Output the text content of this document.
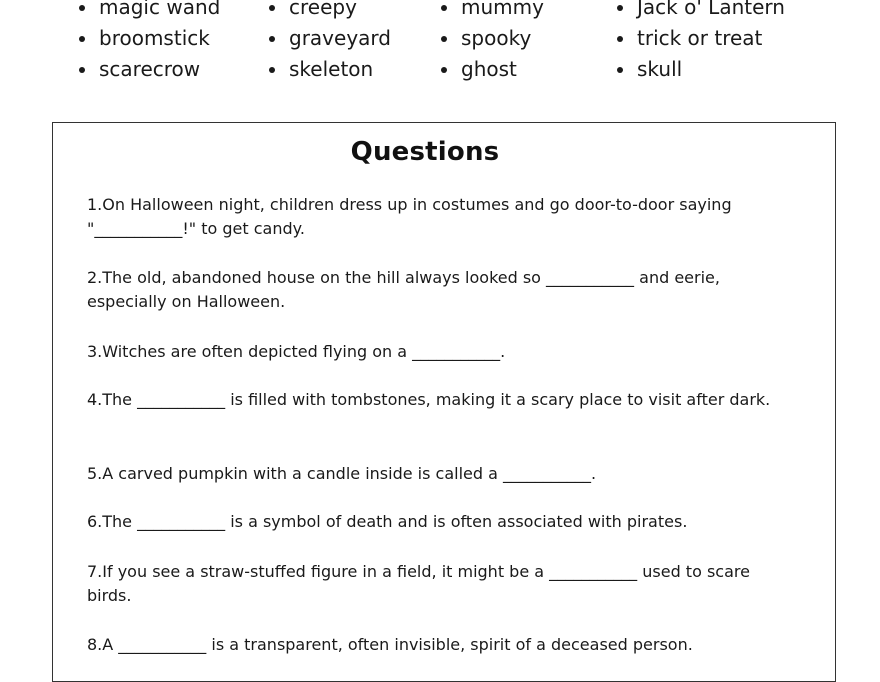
magic wand
broomstick
scarecrow
creepy
graveyard
skeleton
mummy
spooky
ghost
Jack o' Lantern
trick or treat
skull
Questions

1.On Halloween night, children dress up in costumes and go door-to-door saying "___________!" to get candy.

2.The old, abandoned house on the hill always looked so ___________ and eerie, especially on Halloween.

3.Witches are often depicted flying on a ___________.

4.The ___________ is filled with tombstones, making it a scary place to visit after dark.

5.A carved pumpkin with a candle inside is called a ___________.

6.The ___________ is a symbol of death and is often associated with pirates.

7.If you see a straw-stuffed figure in a field, it might be a ___________ used to scare birds.

8.A ___________ is a transparent, often invisible, spirit of a deceased person.
